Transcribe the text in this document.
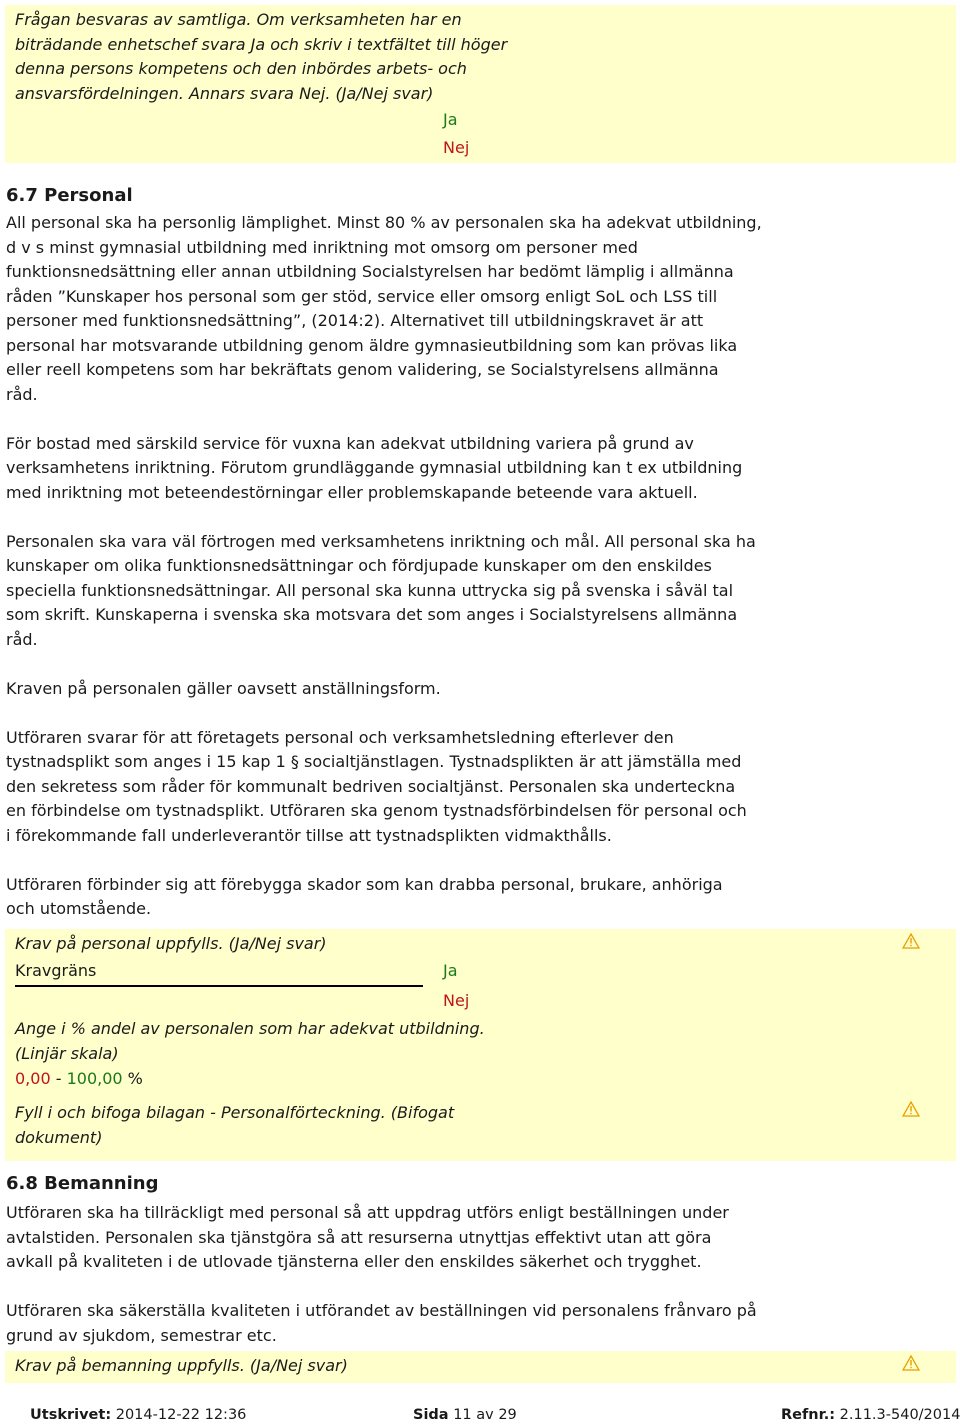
Frågan besvaras av samtliga. Om verksamheten har en
biträdande enhetschef svara Ja och skriv i textfältet till höger
denna persons kompetens och den inbördes arbets- och
ansvarsfördelningen. Annars svara Nej. (Ja/Nej svar)
Ja
Nej
6.7 Personal
All personal ska ha personlig lämplighet. Minst 80 % av personalen ska ha adekvat utbildning,
d v s minst gymnasial utbildning med inriktning mot omsorg om personer med
funktionsnedsättning eller annan utbildning Socialstyrelsen har bedömt lämplig i allmänna
råden ”Kunskaper hos personal som ger stöd, service eller omsorg enligt SoL och LSS till
personer med funktionsnedsättning”, (2014:2). Alternativet till utbildningskravet är att
personal har motsvarande utbildning genom äldre gymnasieutbildning som kan prövas lika
eller reell kompetens som har bekräftats genom validering, se Socialstyrelsens allmänna
råd.
För bostad med särskild service för vuxna kan adekvat utbildning variera på grund av
verksamhetens inriktning. Förutom grundläggande gymnasial utbildning kan t ex utbildning
med inriktning mot beteendestörningar eller problemskapande beteende vara aktuell.
Personalen ska vara väl förtrogen med verksamhetens inriktning och mål. All personal ska ha
kunskaper om olika funktionsnedsättningar och fördjupade kunskaper om den enskildes
speciella funktionsnedsättningar. All personal ska kunna uttrycka sig på svenska i såväl tal
som skrift. Kunskaperna i svenska ska motsvara det som anges i Socialstyrelsens allmänna
råd.
Kraven på personalen gäller oavsett anställningsform.
Utföraren svarar för att företagets personal och verksamhetsledning efterlever den
tystnadsplikt som anges i 15 kap 1 § socialtjänstlagen. Tystnadsplikten är att jämställa med
den sekretess som råder för kommunalt bedriven socialtjänst. Personalen ska underteckna
en förbindelse om tystnadsplikt. Utföraren ska genom tystnadsförbindelsen för personal och
i förekommande fall underleverantör tillse att tystnadsplikten vidmakthålls.
Utföraren förbinder sig att förebygga skador som kan drabba personal, brukare, anhöriga
och utomstående.
Krav på personal uppfylls. (Ja/Nej svar)
Kravgräns	Ja
Nej
Ange i % andel av personalen som har adekvat utbildning.
(Linjär skala)
0,00 - 100,00 %
Fyll i och bifoga bilagan - Personalförteckning. (Bifogat
dokument)
6.8 Bemanning
Utföraren ska ha tillräckligt med personal så att uppdrag utförs enligt beställningen under
avtalstiden. Personalen ska tjänstgöra så att resurserna utnyttjas effektivt utan att göra
avkall på kvaliteten i de utlovade tjänsterna eller den enskildes säkerhet och trygghet.
Utföraren ska säkerställa kvaliteten i utförandet av beställningen vid personalens frånvaro på
grund av sjukdom, semestrar etc.
Krav på bemanning uppfylls. (Ja/Nej svar)
Utskrivet: 2014-12-22 12:36	Sida 11 av 29	Refnr.: 2.11.3-540/2014
